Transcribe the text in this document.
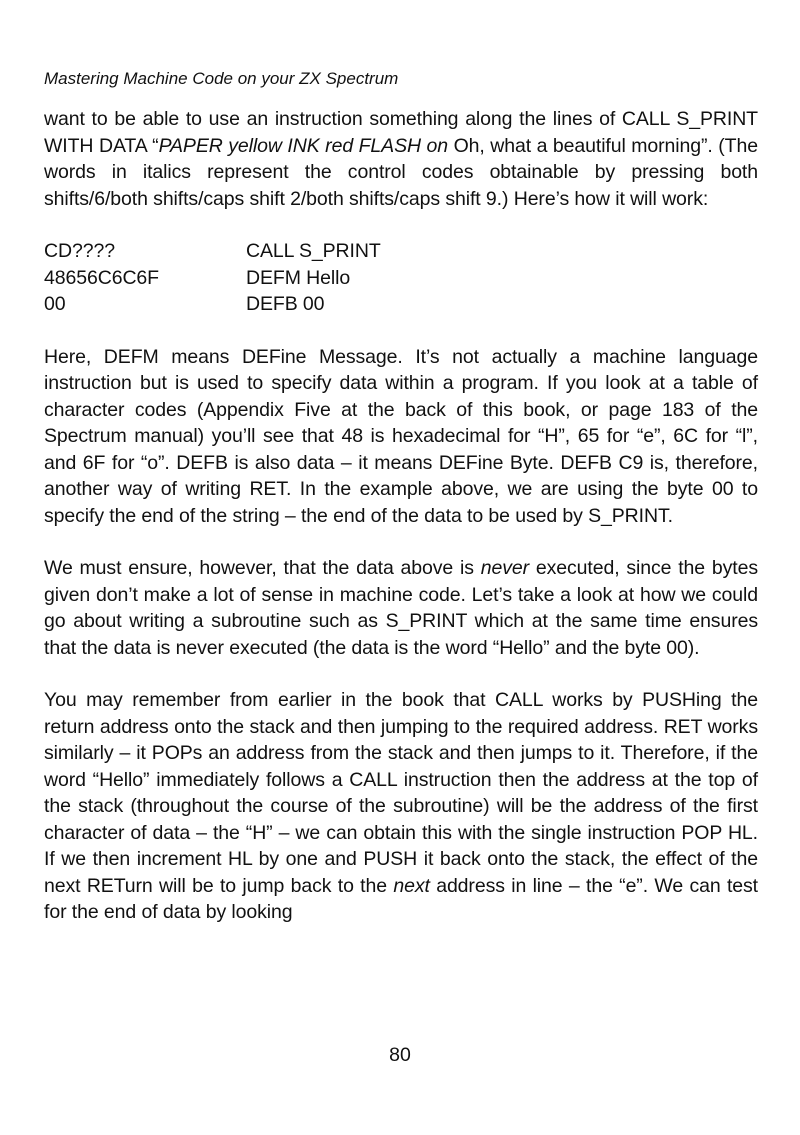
Mastering Machine Code on your ZX Spectrum

want to be able to use an instruction something along the lines of CALL S_PRINT WITH DATA “PAPER yellow INK red FLASH on Oh, what a beautiful morning”. (The words in italics represent the control codes obtainable by pressing both shifts/6/both shifts/caps shift 2/both shifts/caps shift 9.) Here’s how it will work:

CD????	CALL S_PRINT
48656C6C6F	DEFM Hello
00	DEFB 00

Here, DEFM means DEFine Message. It’s not actually a machine language instruction but is used to specify data within a program. If you look at a table of character codes (Appendix Five at the back of this book, or page 183 of the Spectrum manual) you’ll see that 48 is hexadecimal for “H”, 65 for “e”, 6C for “l”, and 6F for “o”. DEFB is also data – it means DEFine Byte. DEFB C9 is, therefore, another way of writing RET. In the example above, we are using the byte 00 to specify the end of the string – the end of the data to be used by S_PRINT.

We must ensure, however, that the data above is never executed, since the bytes given don’t make a lot of sense in machine code. Let’s take a look at how we could go about writing a subroutine such as S_PRINT which at the same time ensures that the data is never executed (the data is the word “Hello” and the byte 00).

You may remember from earlier in the book that CALL works by PUSHing the return address onto the stack and then jumping to the required address. RET works similarly – it POPs an address from the stack and then jumps to it. Therefore, if the word “Hello” immediately follows a CALL instruction then the address at the top of the stack (throughout the course of the subroutine) will be the address of the first character of data – the “H” – we can obtain this with the single instruction POP HL. If we then increment HL by one and PUSH it back onto the stack, the effect of the next RETurn will be to jump back to the next address in line – the “e”. We can test for the end of data by looking

80
